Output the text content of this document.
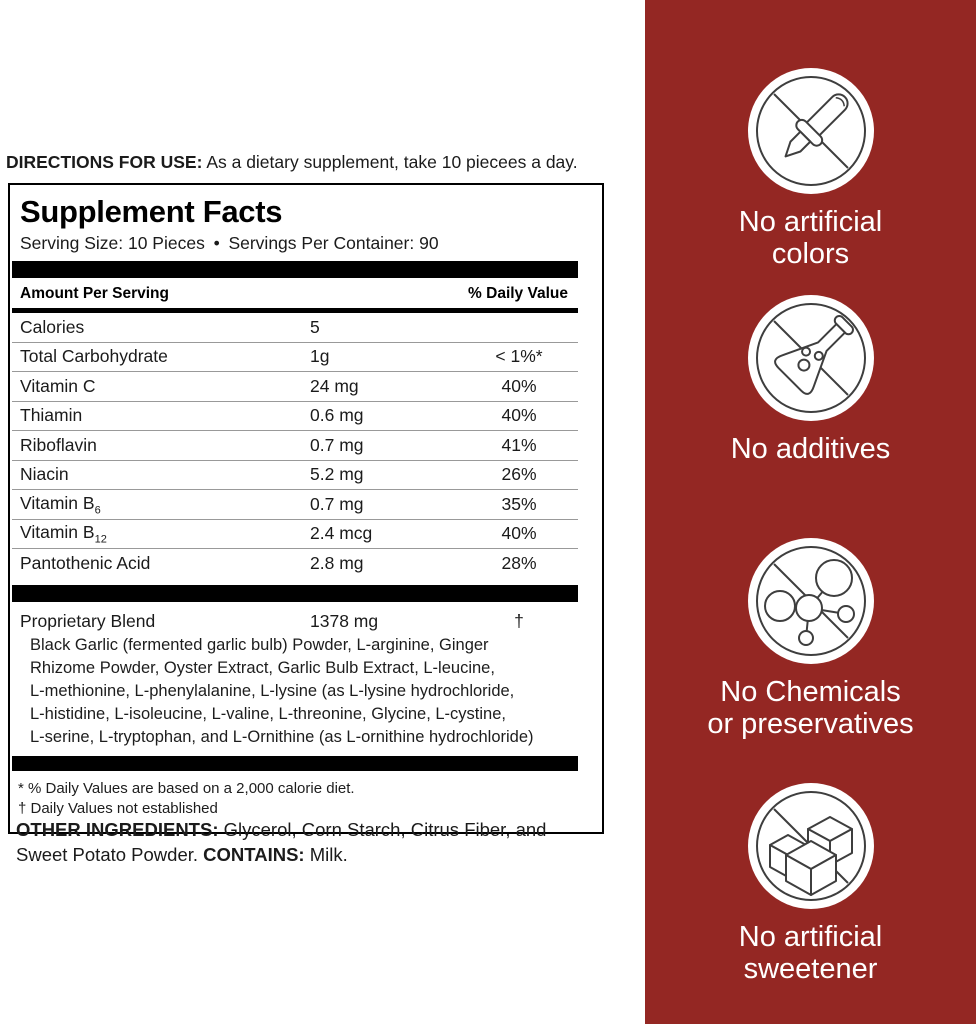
DIRECTIONS FOR USE: As a dietary supplement, take 10 piecees a day.
Supplement Facts
Serving Size: 10 Pieces • Servings Per Container: 90
Amount Per Serving	% Daily Value
Calories	5
Total Carbohydrate	1g	< 1%*
Vitamin C	24 mg	40%
Thiamin	0.6 mg	40%
Riboflavin	0.7 mg	41%
Niacin	5.2 mg	26%
Vitamin $B_6$	0.7 mg	35%
Vitamin $B_{12}$	2.4 mcg	40%
Pantothenic Acid	2.8 mg	28%
Proprietary Blend	1378 mg	†
Black Garlic (fermented garlic bulb) Powder, L-arginine, Ginger
Rhizome Powder, Oyster Extract, Garlic Bulb Extract, L-leucine,
L-methionine, L-phenylalanine, L-lysine (as L-lysine hydrochloride,
L-histidine, L-isoleucine, L-valine, L-threonine, Glycine, L-cystine,
L-serine, L-tryptophan, and L-Ornithine (as L-ornithine hydrochloride)
* % Daily Values are based on a 2,000 calorie diet.
† Daily Values not established
OTHER INGREDIENTS: Glycerol, Corn Starch, Citrus Fiber, and Sweet Potato Powder. CONTAINS: Milk.
No artificial
colors
No additives
No Chemicals
or preservatives
No artificial
sweetener
